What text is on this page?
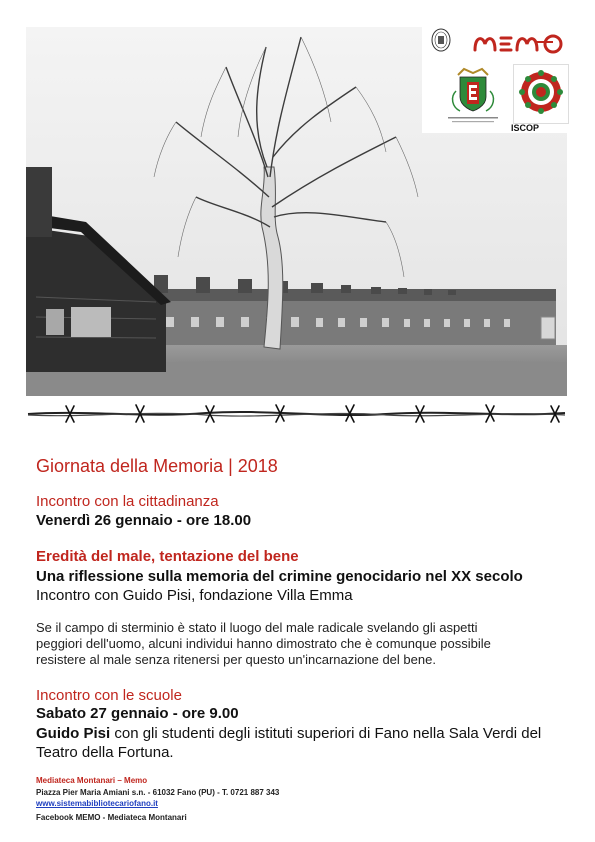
ISCOP
Giornata della Memoria | 2018
Incontro con la cittadinanza
Venerdì 26 gennaio - ore 18.00
Eredità del male, tentazione del bene
Una riflessione sulla memoria del crimine genocidario nel XX secolo
Incontro con Guido Pisi, fondazione Villa Emma
Se il campo di sterminio è stato il luogo del male radicale svelando gli aspetti peggiori dell'uomo, alcuni individui hanno dimostrato che è comunque possibile resistere al male senza ritenersi per questo un'incarnazione del bene.
Incontro con le scuole
Sabato 27 gennaio - ore 9.00
Guido Pisi con gli studenti degli istituti superiori di Fano nella Sala Verdi del Teatro della Fortuna.
Mediateca Montanari – Memo
Piazza Pier Maria Amiani s.n. - 61032 Fano (PU) - T. 0721 887 343
www.sistemabibliotecariofano.it
Facebook MEMO - Mediateca Montanari
